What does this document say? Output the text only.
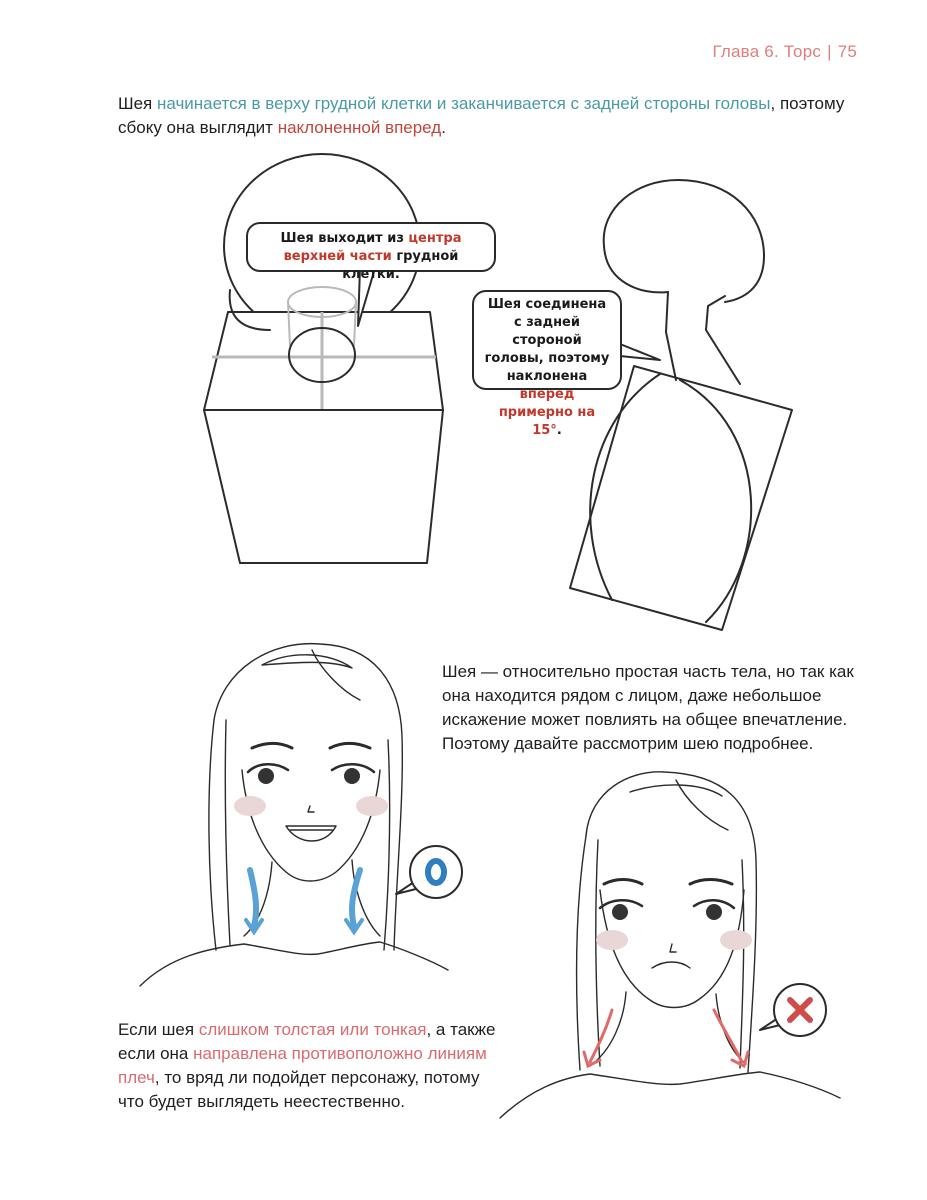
Глава 6. Торс | 75
Шея начинается в верху грудной клетки и заканчивается с задней стороны головы, поэтому сбоку она выглядит наклоненной вперед.
Шея выходит из центра верхней части грудной клетки.
Шея соединена с задней стороной головы, поэтому наклонена вперед примерно на 15°.
Шея — относительно простая часть тела, но так как она находится рядом с лицом, даже небольшое искажение может повлиять на общее впечатление. Поэтому давайте рассмотрим шею подробнее.
Если шея слишком толстая или тонкая, а также если она направлена противоположно линиям плеч, то вряд ли подойдет персонажу, потому что будет выглядеть неестественно.
